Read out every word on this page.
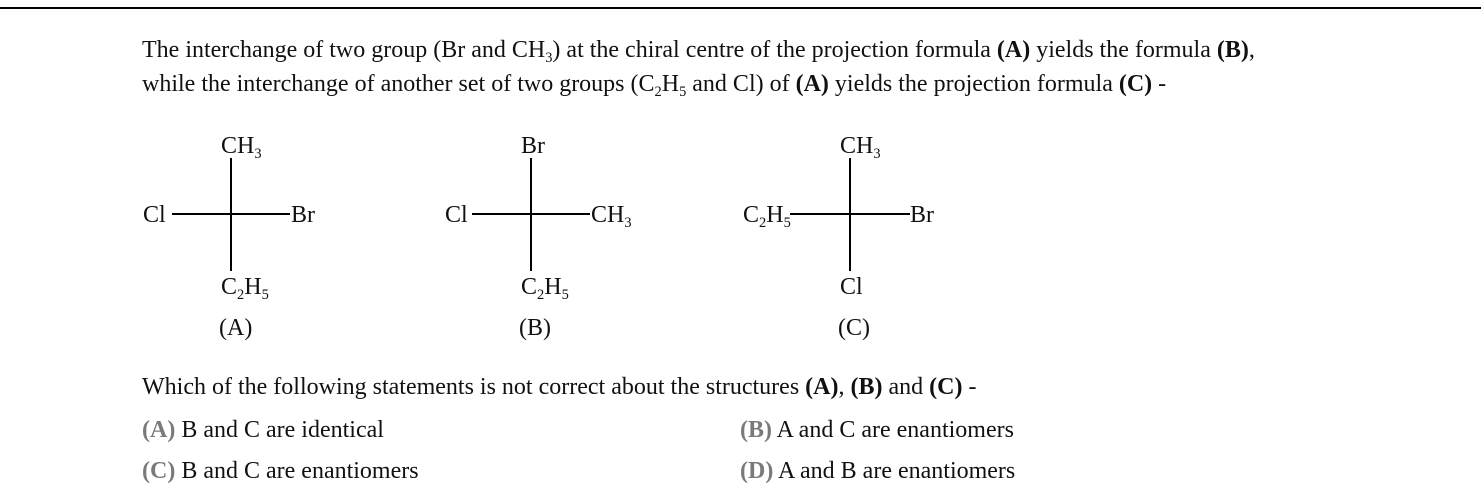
The interchange of two group (Br and $CH_3$) at the chiral centre of the projection formula (A) yields the formula (B),
while the interchange of another set of two groups ($C_2H_5$ and Cl) of (A) yields the projection formula (C) -
$CH_3$
Cl	Br
$C_2H_5$
(A)
Br
Cl	$CH_3$
$C_2H_5$
(B)
$CH_3$
$C_2H_5$	Br
Cl
(C)
Which of the following statements is not correct about the structures (A), (B) and (C) -
(A) B and C are identical	(B) A and C are enantiomers
(C) B and C are enantiomers	(D) A and B are enantiomers
